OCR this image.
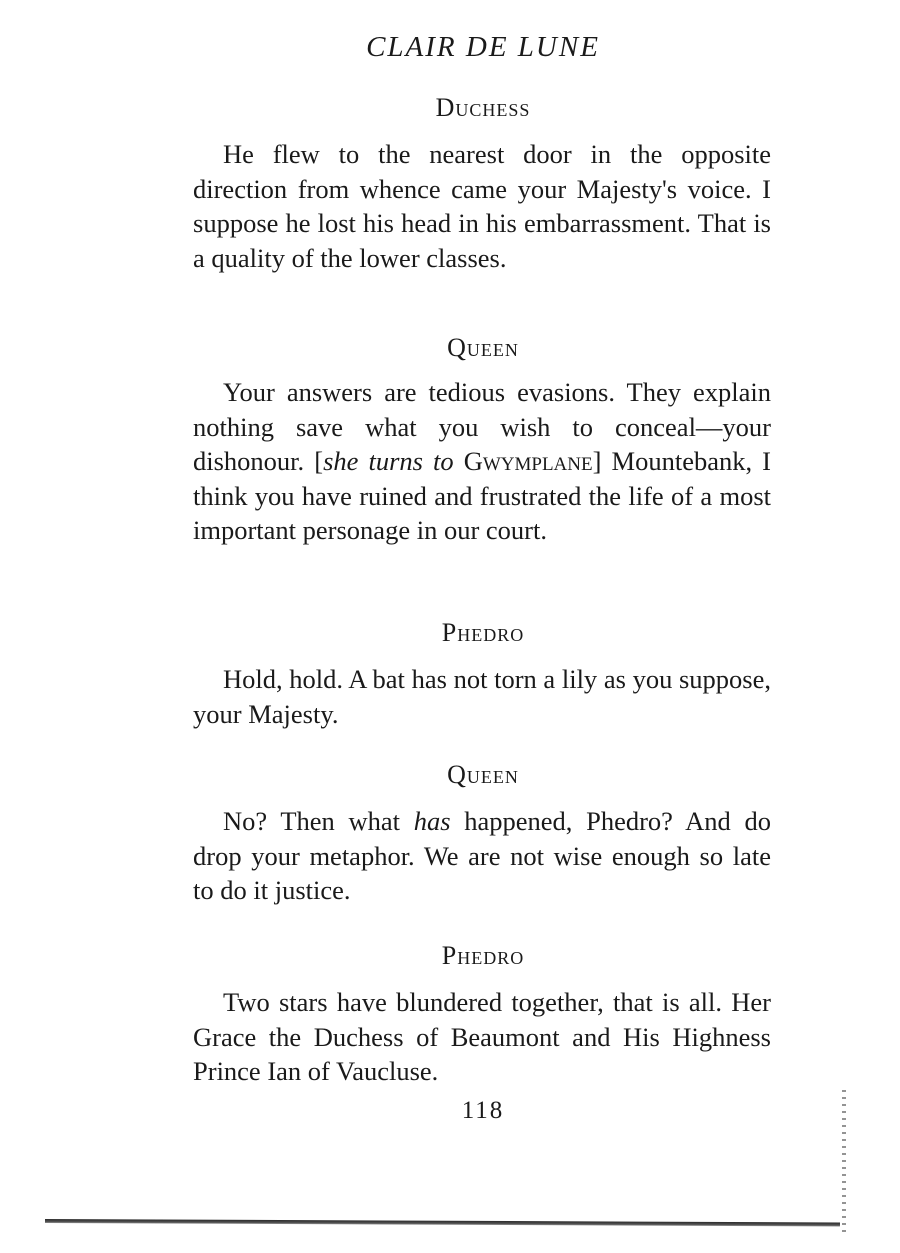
CLAIR DE LUNE
Duchess

He flew to the nearest door in the opposite direction from whence came your Majesty's voice. I suppose he lost his head in his embarrassment. That is a quality of the lower classes.

Queen

Your answers are tedious evasions. They explain nothing save what you wish to conceal—your dishonour. [she turns to Gwymplane] Mountebank, I think you have ruined and frustrated the life of a most important personage in our court.

Phedro

Hold, hold. A bat has not torn a lily as you suppose, your Majesty.

Queen

No? Then what has happened, Phedro? And do drop your metaphor. We are not wise enough so late to do it justice.

Phedro

Two stars have blundered together, that is all. Her Grace the Duchess of Beaumont and His Highness Prince Ian of Vaucluse.

118
